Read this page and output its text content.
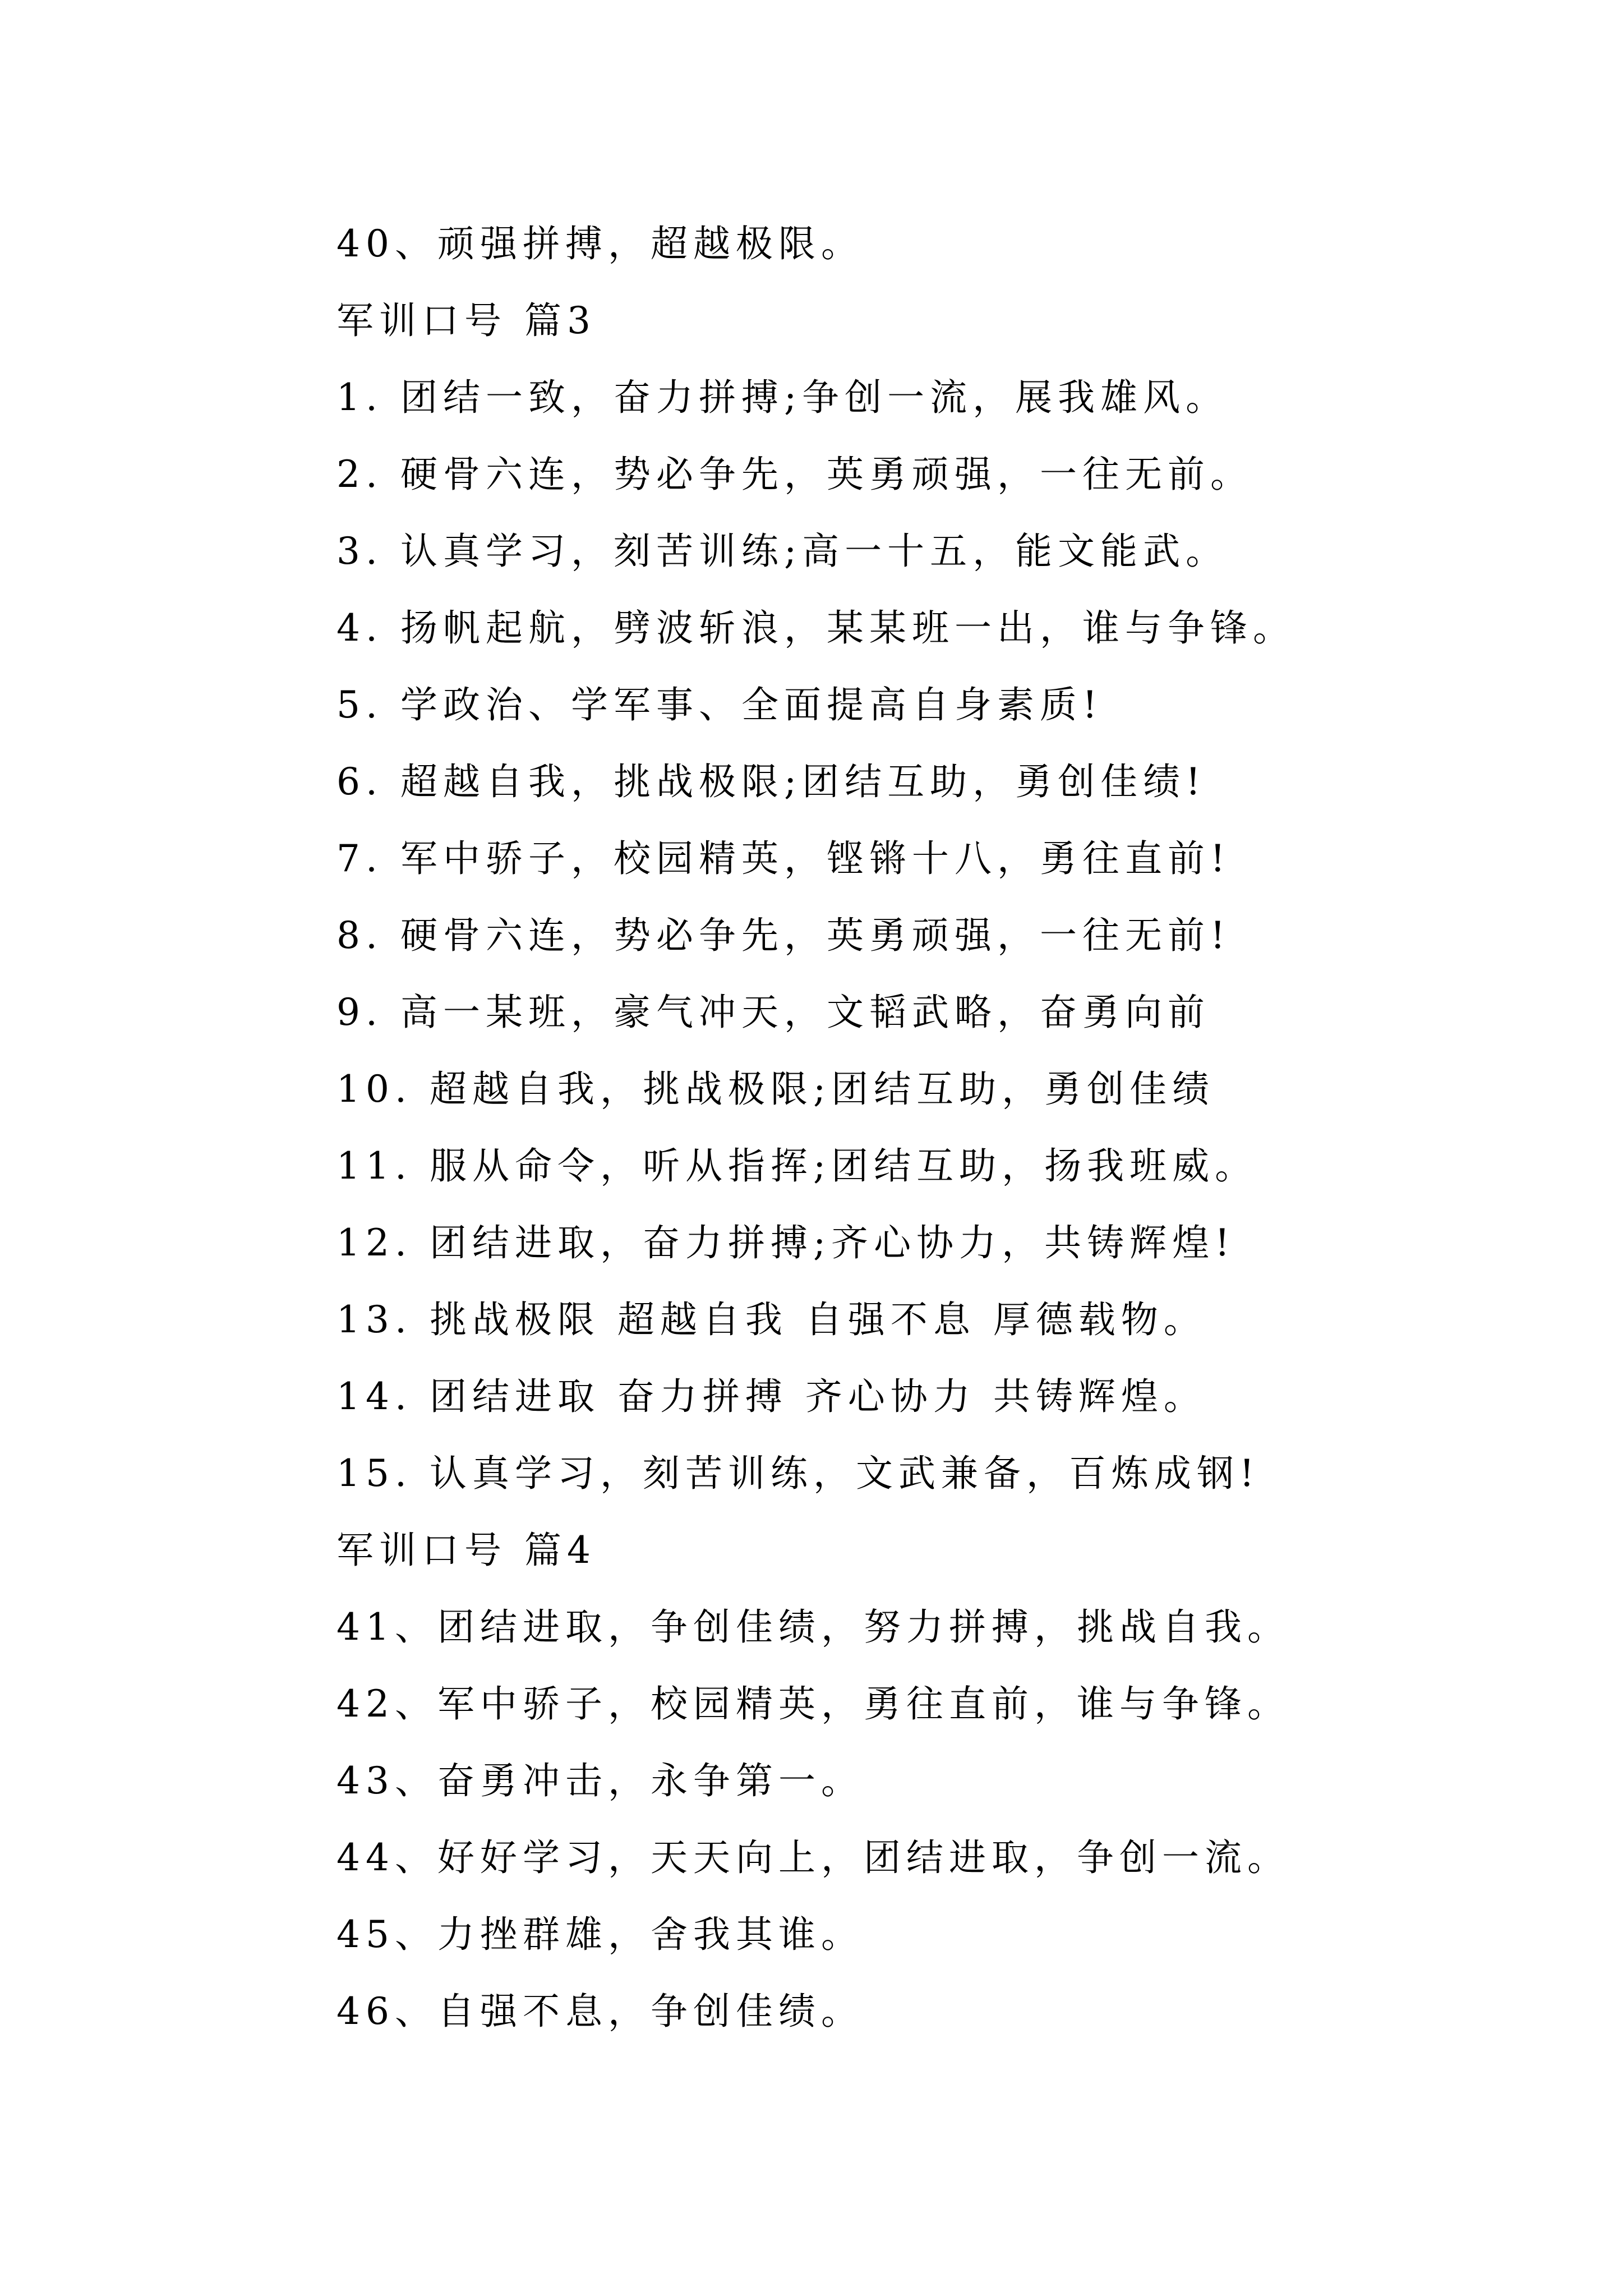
40、顽强拼搏，超越极限。
军训口号 篇3
1. 团结一致，奋力拼搏;争创一流，展我雄风。
2. 硬骨六连，势必争先，英勇顽强，一往无前。
3. 认真学习，刻苦训练;高一十五，能文能武。
4. 扬帆起航，劈波斩浪，某某班一出，谁与争锋。
5. 学政治、学军事、全面提高自身素质!
6. 超越自我，挑战极限;团结互助，勇创佳绩!
7. 军中骄子，校园精英，铿锵十八，勇往直前!
8. 硬骨六连，势必争先，英勇顽强，一往无前!
9. 高一某班，豪气冲天，文韬武略，奋勇向前
10. 超越自我，挑战极限;团结互助，勇创佳绩
11. 服从命令，听从指挥;团结互助，扬我班威。
12. 团结进取，奋力拼搏;齐心协力，共铸辉煌!
13. 挑战极限 超越自我 自强不息 厚德载物。
14. 团结进取 奋力拼搏 齐心协力 共铸辉煌。
15. 认真学习，刻苦训练，文武兼备，百炼成钢!
军训口号 篇4
41、团结进取，争创佳绩，努力拼搏，挑战自我。
42、军中骄子，校园精英，勇往直前，谁与争锋。
43、奋勇冲击，永争第一。
44、好好学习，天天向上，团结进取，争创一流。
45、力挫群雄，舍我其谁。
46、自强不息，争创佳绩。
